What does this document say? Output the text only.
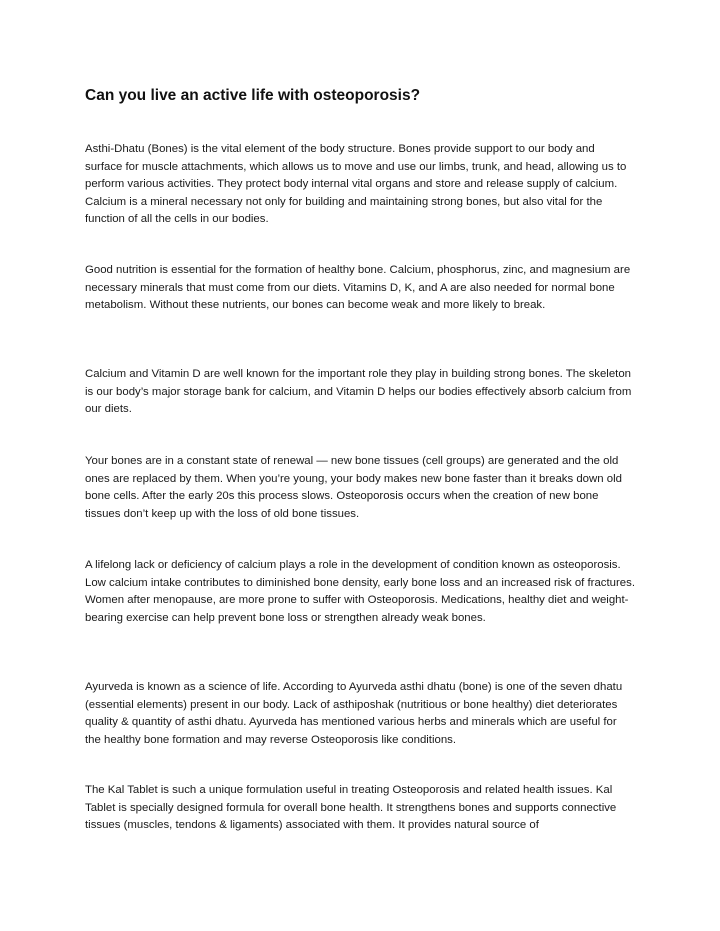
Can you live an active life with osteoporosis?

Asthi-Dhatu (Bones) is the vital element of the body structure. Bones provide support to our body and surface for muscle attachments, which allows us to move and use our limbs, trunk, and head, allowing us to perform various activities. They protect body internal vital organs and store and release supply of calcium. Calcium is a mineral necessary not only for building and maintaining strong bones, but also vital for the function of all the cells in our bodies.

Good nutrition is essential for the formation of healthy bone. Calcium, phosphorus, zinc, and magnesium are necessary minerals that must come from our diets. Vitamins D, K, and A are also needed for normal bone metabolism. Without these nutrients, our bones can become weak and more likely to break.

Calcium and Vitamin D are well known for the important role they play in building strong bones. The skeleton is our body’s major storage bank for calcium, and Vitamin D helps our bodies effectively absorb calcium from our diets.

Your bones are in a constant state of renewal — new bone tissues (cell groups) are generated and the old ones are replaced by them. When you’re young, your body makes new bone faster than it breaks down old bone cells. After the early 20s this process slows. Osteoporosis occurs when the creation of new bone tissues don’t keep up with the loss of old bone tissues.

A lifelong lack or deficiency of calcium plays a role in the development of condition known as osteoporosis. Low calcium intake contributes to diminished bone density, early bone loss and an increased risk of fractures. Women after menopause, are more prone to suffer with Osteoporosis. Medications, healthy diet and weight-bearing exercise can help prevent bone loss or strengthen already weak bones.

Ayurveda is known as a science of life. According to Ayurveda asthi dhatu (bone) is one of the seven dhatu (essential elements) present in our body. Lack of asthiposhak (nutritious or bone healthy) diet deteriorates quality & quantity of asthi dhatu. Ayurveda has mentioned various herbs and minerals which are useful for the healthy bone formation and may reverse Osteoporosis like conditions.

The Kal Tablet is such a unique formulation useful in treating Osteoporosis and related health issues. Kal Tablet is specially designed formula for overall bone health. It strengthens bones and supports connective tissues (muscles, tendons & ligaments) associated with them. It provides natural source of
